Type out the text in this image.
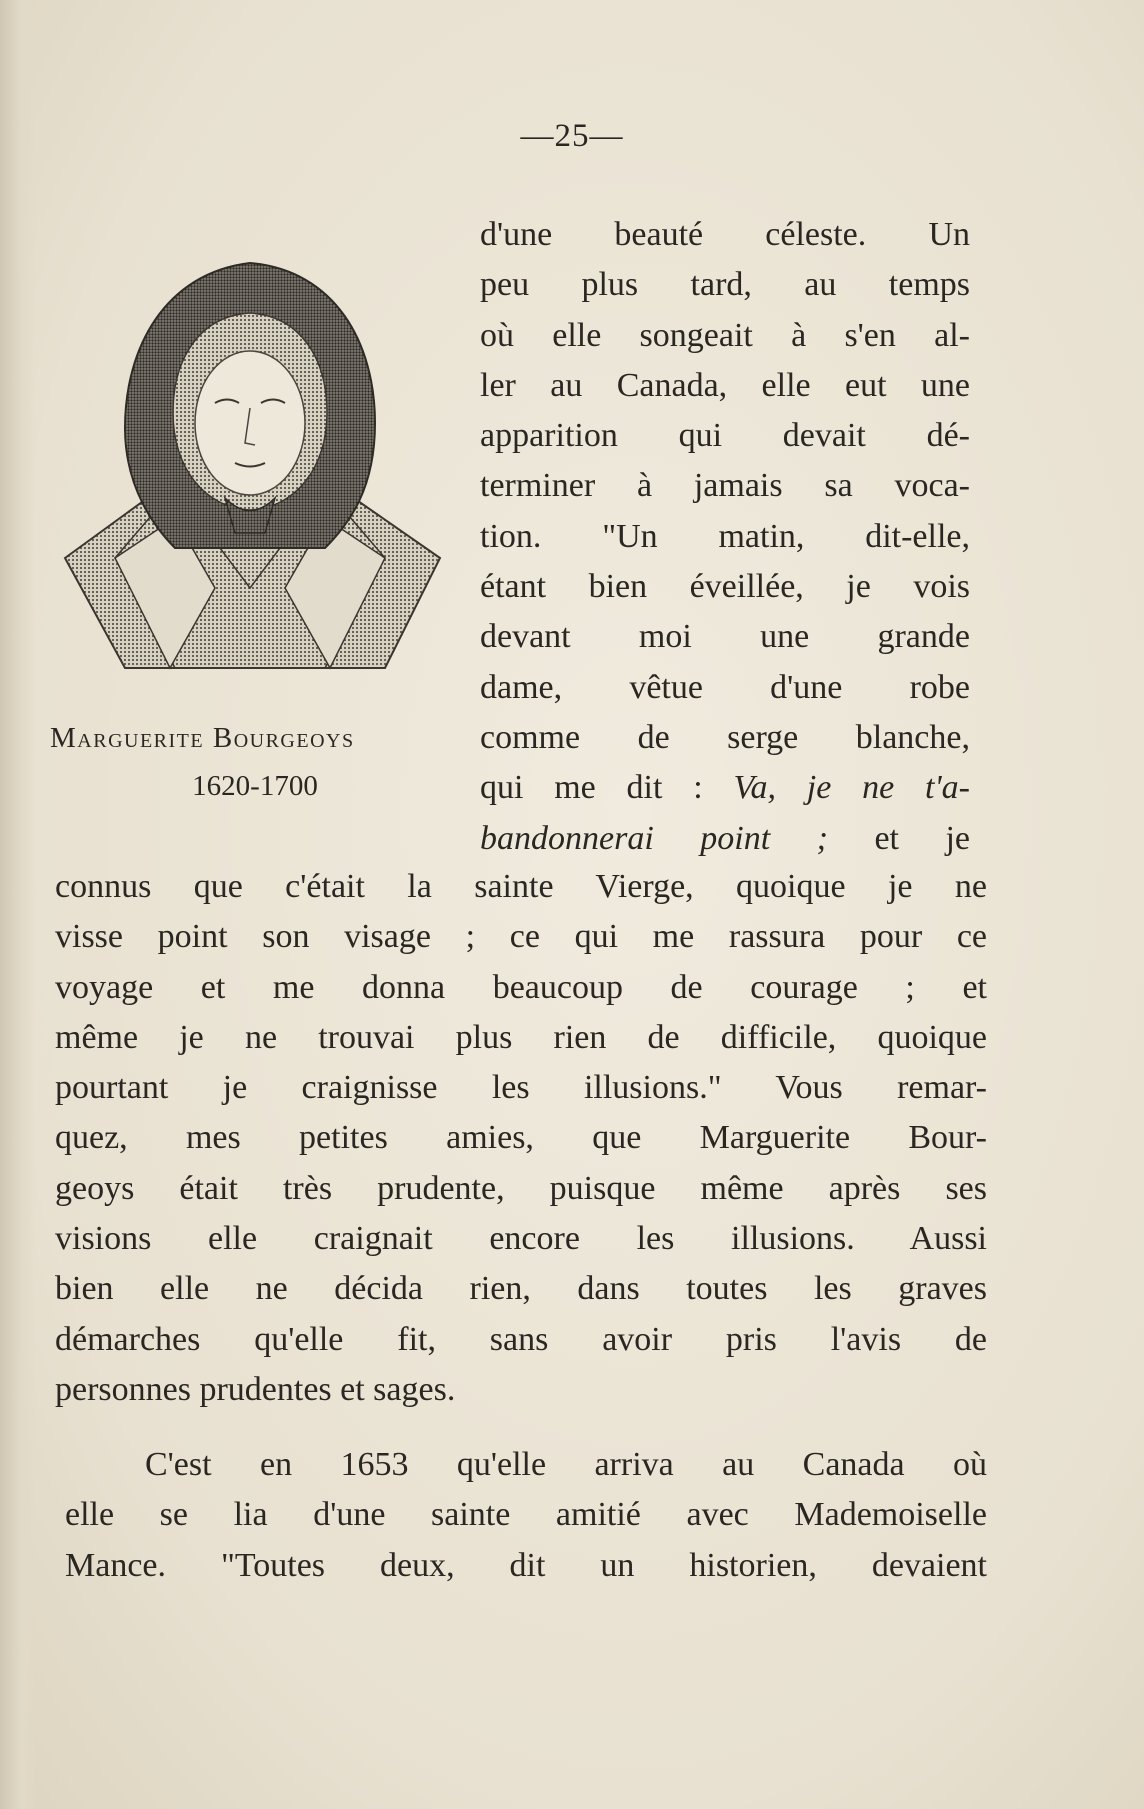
—25—
Marguerite Bourgeoys
1620-1700
d'une beauté céleste. Un
peu plus tard, au temps
où elle songeait à s'en al-
ler au Canada, elle eut une
apparition qui devait dé-
terminer à jamais sa voca-
tion. "Un matin, dit-elle,
étant bien éveillée, je vois
devant moi une grande
dame, vêtue d'une robe
comme de serge blanche,
qui me dit : Va, je ne t'a-
bandonnerai point ; et je
connus que c'était la sainte Vierge, quoique je ne
visse point son visage ; ce qui me rassura pour ce
voyage et me donna beaucoup de courage ; et
même je ne trouvai plus rien de difficile, quoique
pourtant je craignisse les illusions." Vous remar-
quez, mes petites amies, que Marguerite Bour-
geoys était très prudente, puisque même après ses
visions elle craignait encore les illusions. Aussi
bien elle ne décida rien, dans toutes les graves
démarches qu'elle fit, sans avoir pris l'avis de
personnes prudentes et sages.
C'est en 1653 qu'elle arriva au Canada où
elle se lia d'une sainte amitié avec Mademoiselle
Mance. "Toutes deux, dit un historien, devaient
